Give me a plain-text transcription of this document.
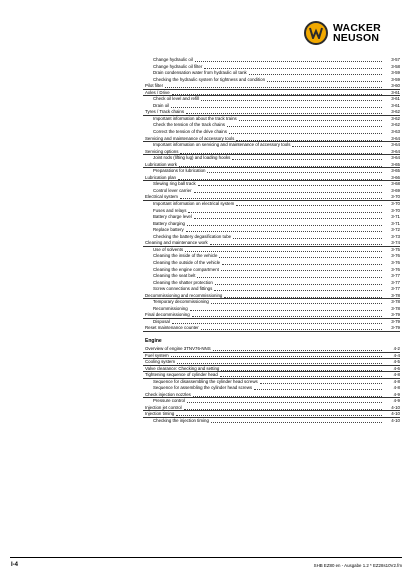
WACKER
NEUSON
Change hydraulic oil	3-57
Change hydraulic oil filter	3-58
Drain condensation water from hydraulic oil tank	3-59
Checking the hydraulic system for tightness and condition	3-59
Pilot filter	3-60
Axles / Drive	3-61
Check oil level and refill	3-61
Drain oil	3-61
Tyres / Track chains	3-62
Important information about the track trains	3-62
Check the tension of the track chains	3-62
Correct the tension of the drive chains	3-63
Servicing and maintenance of accessory tools	3-64
Important information on servicing and maintenance of accessory tools	3-64
Servicing options	3-64
Joint rods (lifting lug) and loading hooks	3-64
Lubrication work	3-65
Preparations for lubrication	3-65
Lubrication plan	3-66
Slewing ring ball track	3-68
Control lever carrier	3-69
Electrical system	3-70
Important information on electrical system	3-70
Fuses and relays	3-70
Battery charge level	3-71
Battery charging	3-71
Replace battery	3-72
Checking the battery degasification tube	3-73
Cleaning and maintenance work	3-74
Use of solvents	3-75
Cleaning the inside of the vehicle	3-76
Cleaning the outside of the vehicle	3-76
Cleaning the engine compartment	3-76
Cleaning the seat belt	3-77
Cleaning the shatter protection	3-77
Screw connections and fittings	3-77
Decommissioning and recommissioning	3-78
Temporary decommissioning	3-78
Recommissioning	3-78
Final decommissioning	3-79
Disposal	3-79
Reset maintenance counter	3-79
Engine
Overview of engine 3TNV76-NNS	4-2
Fuel system	4-4
Cooling system	4-5
Valve clearance: Checking and setting	4-6
Tightening sequence of cylinder head	4-8
Sequence for disassembling the cylinder head screws	4-8
Sequence for assembling the cylinder head screws	4-8
Check injection nozzles	4-9
Pressure control	4-9
Injection jet control	4-10
Injection timing	4-10
Checking the injection timing	4-10
I-4	SHB EZ80 en - Ausgabe 1.2 * EZ28s10V2.fm
